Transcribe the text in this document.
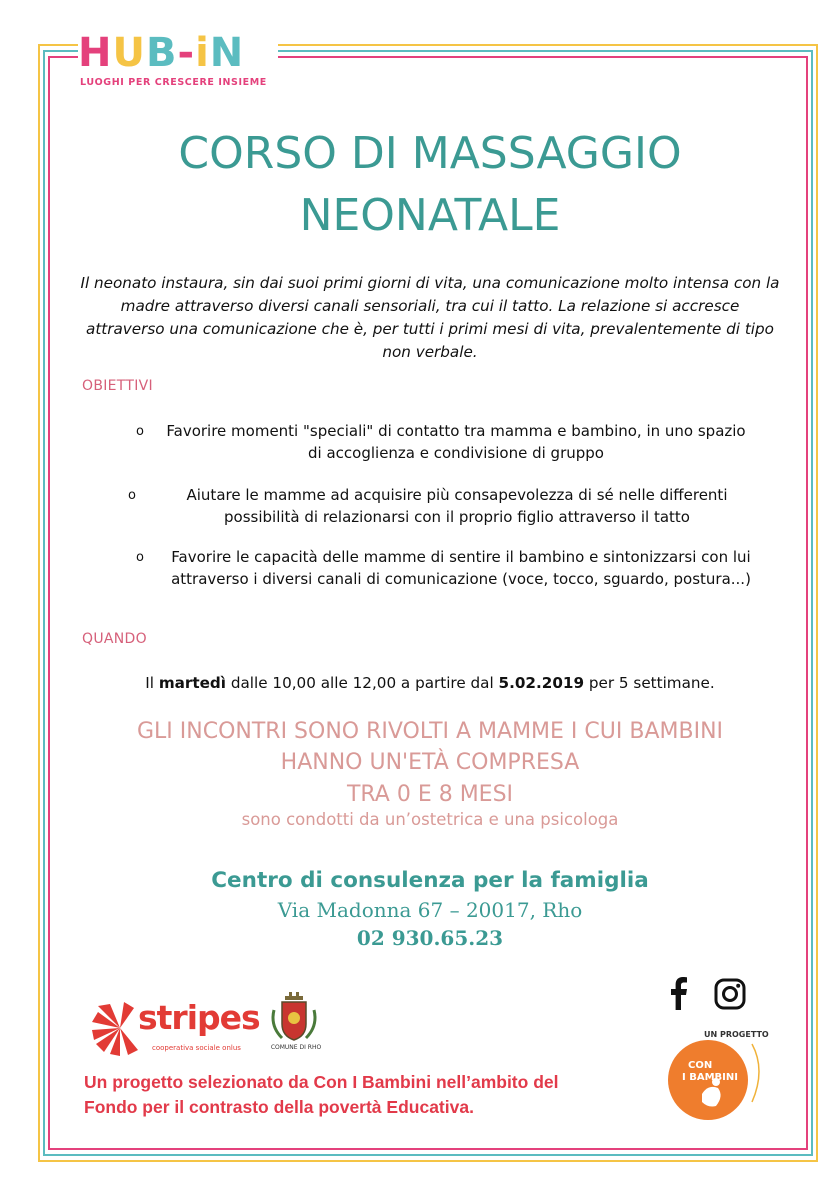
HUB-iN
LUOGHI PER CRESCERE INSIEME
CORSO DI MASSAGGIO
NEONATALE
Il neonato instaura, sin dai suoi primi giorni di vita, una comunicazione molto intensa con la madre attraverso diversi canali sensoriali, tra cui il tatto. La relazione si accresce attraverso una comunicazione che è, per tutti i primi mesi di vita, prevalentemente di tipo non verbale.
OBIETTIVI
o	Favorire momenti "speciali" di contatto tra mamma e bambino, in uno spazio di accoglienza e condivisione di gruppo
o	Aiutare le mamme ad acquisire più consapevolezza di sé nelle differenti possibilità di relazionarsi con il proprio figlio attraverso il tatto
o	Favorire le capacità delle mamme di sentire il bambino e sintonizzarsi con lui attraverso i diversi canali di comunicazione (voce, tocco, sguardo, postura...)
QUANDO
Il martedì dalle 10,00 alle 12,00 a partire dal 5.02.2019 per 5 settimane.
GLI INCONTRI SONO RIVOLTI A MAMME I CUI BAMBINI
HANNO UN'ETÀ COMPRESA
TRA 0 E 8 MESI
sono condotti da un’ostetrica e una psicologa
Centro di consulenza per la famiglia
Via Madonna 67 – 20017, Rho
02 930.65.23
stripes
cooperativa sociale onlus	COMUNE DI RHO
Un progetto selezionato da Con I Bambini nell’ambito del
Fondo per il contrasto della povertà Educativa.
UN PROGETTO
CON
I BAMBINI
